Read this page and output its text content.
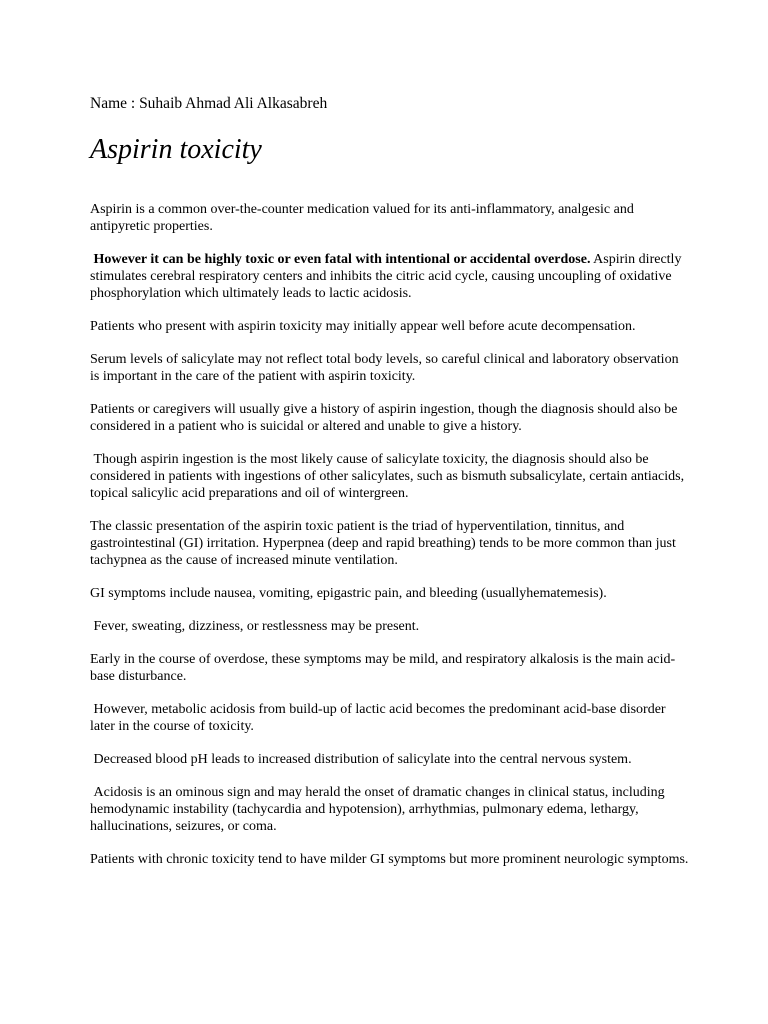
Name : Suhaib Ahmad Ali Alkasabreh
Aspirin toxicity

Aspirin is a common over-the-counter medication valued for its anti-inflammatory, analgesic and antipyretic properties.

However it can be highly toxic or even fatal with intentional or accidental overdose. Aspirin directly stimulates cerebral respiratory centers and inhibits the citric acid cycle, causing uncoupling of oxidative phosphorylation which ultimately leads to lactic acidosis.

Patients who present with aspirin toxicity may initially appear well before acute decompensation.

Serum levels of salicylate may not reflect total body levels, so careful clinical and laboratory observation is important in the care of the patient with aspirin toxicity.

Patients or caregivers will usually give a history of aspirin ingestion, though the diagnosis should also be considered in a patient who is suicidal or altered and unable to give a history.

Though aspirin ingestion is the most likely cause of salicylate toxicity, the diagnosis should also be considered in patients with ingestions of other salicylates, such as bismuth subsalicylate, certain antiacids, topical salicylic acid preparations and oil of wintergreen.

The classic presentation of the aspirin toxic patient is the triad of hyperventilation, tinnitus, and gastrointestinal (GI) irritation. Hyperpnea (deep and rapid breathing) tends to be more common than just tachypnea as the cause of increased minute ventilation.

GI symptoms include nausea, vomiting, epigastric pain, and bleeding (usuallyhematemesis).

Fever, sweating, dizziness, or restlessness may be present.

Early in the course of overdose, these symptoms may be mild, and respiratory alkalosis is the main acid-base disturbance.

However, metabolic acidosis from build-up of lactic acid becomes the predominant acid-base disorder later in the course of toxicity.

Decreased blood pH leads to increased distribution of salicylate into the central nervous system.

Acidosis is an ominous sign and may herald the onset of dramatic changes in clinical status, including hemodynamic instability (tachycardia and hypotension), arrhythmias, pulmonary edema, lethargy, hallucinations, seizures, or coma.

Patients with chronic toxicity tend to have milder GI symptoms but more prominent neurologic symptoms.
